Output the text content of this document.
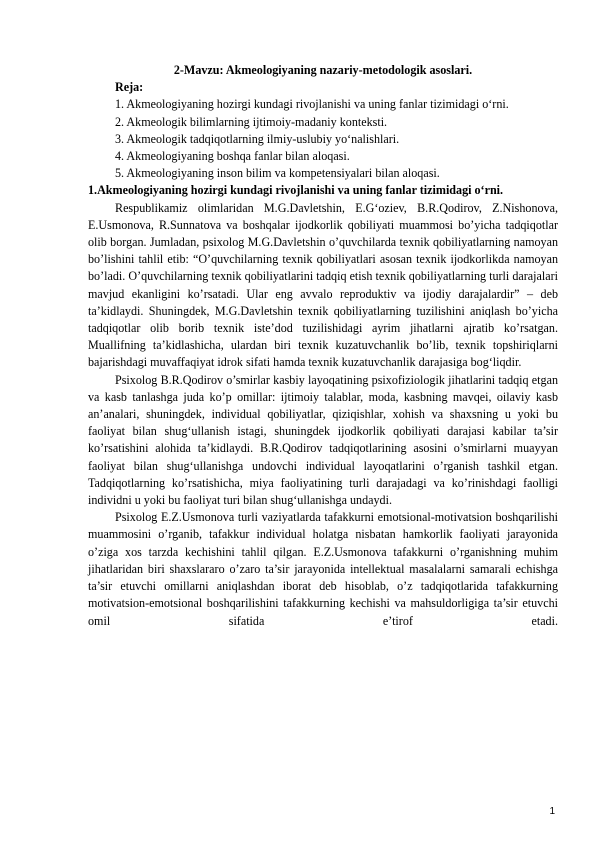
2-Mavzu: Akmeologiyaning nazariy-metodologik asoslari.

Reja:

1. Akmeologiyaning hozirgi kundagi rivojlanishi va uning fanlar tizimidagi o‘rni.

2. Akmeologik bilimlarning ijtimoiy-madaniy konteksti.

3. Akmeologik tadqiqotlarning ilmiy-uslubiy yo‘nalishlari.

4. Akmeologiyaning boshqa fanlar bilan aloqasi.

5. Akmeologiyaning inson bilim va kompetensiyalari bilan aloqasi.

1.Akmeologiyaning hozirgi kundagi rivojlanishi va uning fanlar tizimidagi o‘rni.

Respublikamiz olimlaridan M.G.Davletshin, E.G‘oziev, B.R.Qodirov, Z.Nishonova, E.Usmonova, R.Sunnatova va boshqalar ijodkorlik qobiliyati muammosi bo’yicha tadqiqotlar olib borgan. Jumladan, psixolog M.G.Davletshin o’quvchilarda texnik qobiliyatlarning namoyan bo’lishini tahlil etib: “O’quvchilarning texnik qobiliyatlari asosan texnik ijodkorlikda namoyan bo’ladi. O’quvchilarning texnik qobiliyatlarini tadqiq etish texnik qobiliyatlarning turli darajalari mavjud ekanligini ko’rsatadi. Ular eng avvalo reproduktiv va ijodiy darajalardir” – deb ta’kidlaydi. Shuningdek, M.G.Davletshin texnik qobiliyatlarning tuzilishini aniqlash bo’yicha tadqiqotlar olib borib texnik iste’dod tuzilishidagi ayrim jihatlarni ajratib ko’rsatgan. Muallifning ta’kidlashicha, ulardan biri texnik kuzatuvchanlik bo’lib, texnik topshiriqlarni bajarishdagi muvaffaqiyat idrok sifati hamda texnik kuzatuvchanlik darajasiga bog‘liqdir.

Psixolog B.R.Qodirov o’smirlar kasbiy layoqatining psixofiziologik jihatlarini tadqiq etgan va kasb tanlashga juda ko’p omillar: ijtimoiy talablar, moda, kasbning mavqei, oilaviy kasb an’analari, shuningdek, individual qobiliyatlar, qiziqishlar, xohish va shaxsning u yoki bu faoliyat bilan shug‘ullanish istagi, shuningdek ijodkorlik qobiliyati darajasi kabilar ta’sir ko’rsatishini alohida ta’kidlaydi. B.R.Qodirov tadqiqotlarining asosini o’smirlarni muayyan faoliyat bilan shug‘ullanishga undovchi individual layoqatlarini o’rganish tashkil etgan. Tadqiqotlarning ko’rsatishicha, miya faoliyatining turli darajadagi va ko’rinishdagi faolligi individni u yoki bu faoliyat turi bilan shug‘ullanishga undaydi.

Psixolog E.Z.Usmonova turli vaziyatlarda tafakkurni emotsional-motivatsion boshqarilishi muammosini o’rganib, tafakkur individual holatga nisbatan hamkorlik faoliyati jarayonida o’ziga xos tarzda kechishini tahlil qilgan. E.Z.Usmonova tafakkurni o’rganishning muhim jihatlaridan biri shaxslararo o’zaro ta’sir jarayonida intellektual masalalarni samarali echishga ta’sir etuvchi omillarni aniqlashdan iborat deb hisoblab, o’z tadqiqotlarida tafakkurning motivatsion-emotsional boshqarilishini tafakkurning kechishi va mahsuldorligiga ta’sir etuvchi omil sifatida e’tirof etadi.

1
